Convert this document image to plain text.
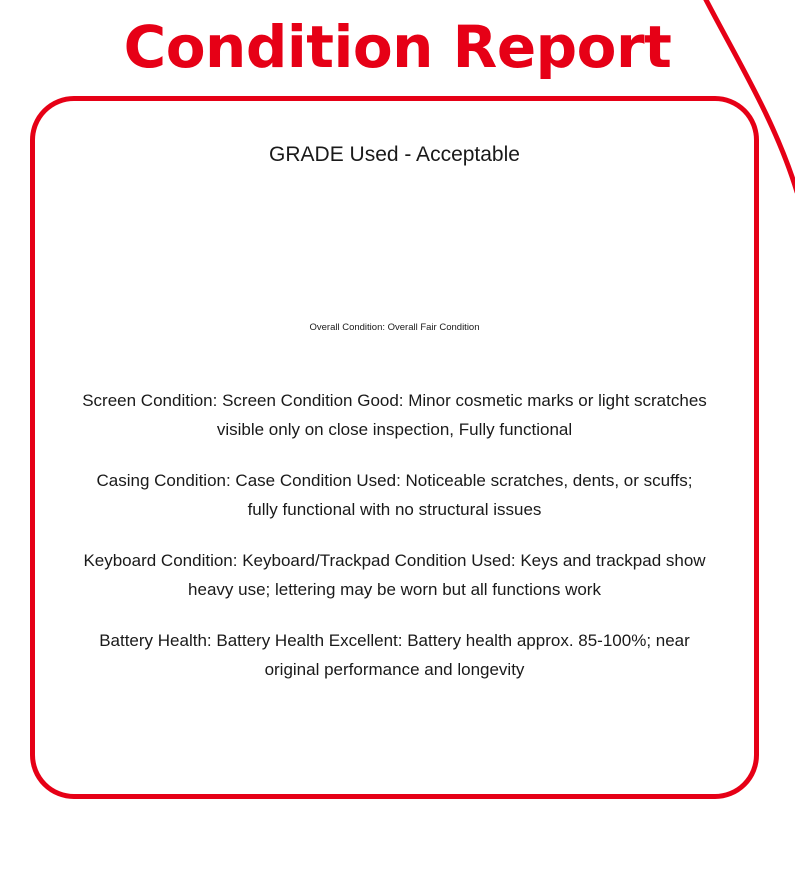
Condition Report
GRADE Used - Acceptable
Overall Condition: Overall Fair Condition
Screen Condition: Screen Condition Good: Minor cosmetic marks or light scratches visible only on close inspection, Fully functional
Casing Condition: Case Condition Used: Noticeable scratches, dents, or scuffs; fully functional with no structural issues
Keyboard Condition: Keyboard/Trackpad Condition Used: Keys and trackpad show heavy use; lettering may be worn but all functions work
Battery Health: Battery Health Excellent: Battery health approx. 85-100%; near original performance and longevity
